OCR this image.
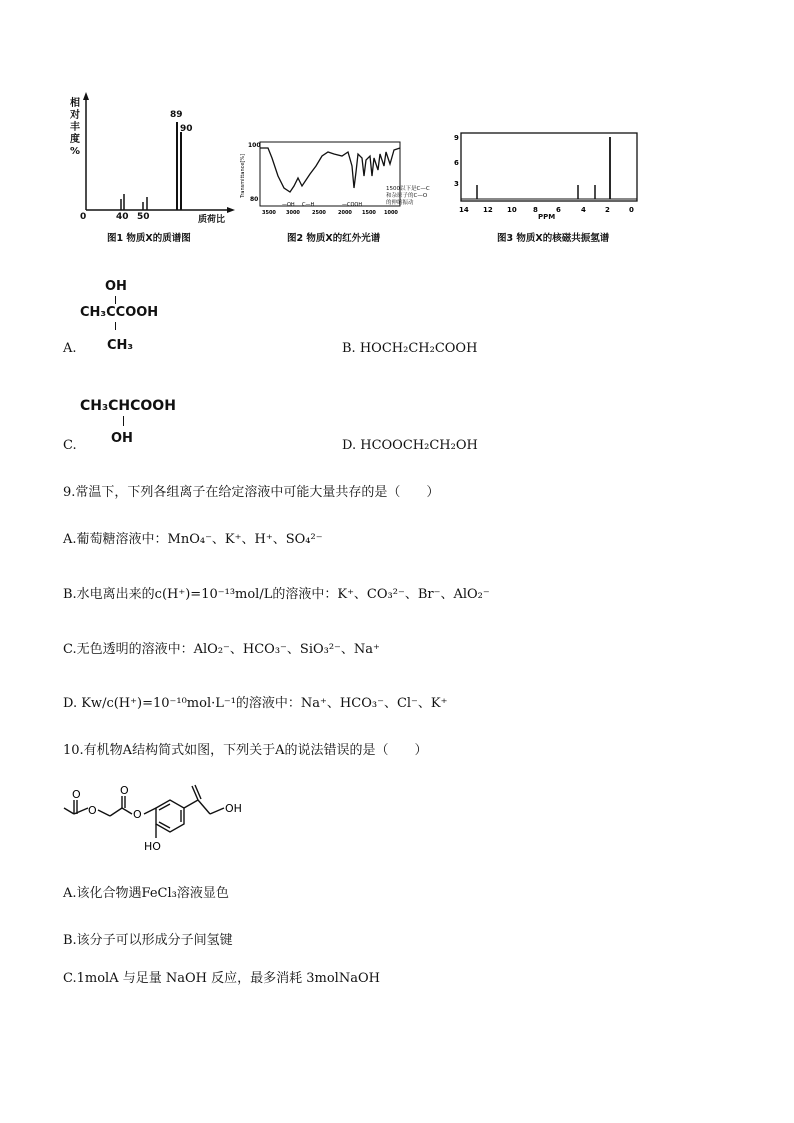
相
对
丰
度
%
89
90
0	40 50	质荷比
图1 物质X的质谱图
100
80
Transmittance[%]
3500 3000 2500 2000 1500 1000
—OH C—H	—COOH
1500以下是C—C
和杂原子的C—O
的伸缩振动
图2 物质X的红外光谱
9
6
3
14 12 10 8	6	4	2	0
PPM
图3 物质X的核磁共振氢谱
OH
CH₃CCOOH
A. CH₃	B. HOCH₂CH₂COOH
CH₃CHCOOH
OH
C.	D. HCOOCH₂CH₂OH
9.常温下，下列各组离子在给定溶液中可能大量共存的是（　　）
A.葡萄糖溶液中：MnO₄⁻、K⁺、H⁺、SO₄²⁻
B.水电离出来的c(H⁺)=10⁻¹³mol/L的溶液中：K⁺、CO₃²⁻、Br⁻、AlO₂⁻
C.无色透明的溶液中：AlO₂⁻、HCO₃⁻、SiO₃²⁻、Na⁺
D. Kw/c(H⁺)=10⁻¹⁰mol·L⁻¹的溶液中：Na⁺、HCO₃⁻、Cl⁻、K⁺
10.有机物A结构简式如图，下列关于A的说法错误的是（　　）
O
O	O
O	OH
HO
A.该化合物遇FeCl₃溶液显色
B.该分子可以形成分子间氢键
C.1molA 与足量 NaOH 反应，最多消耗 3molNaOH
